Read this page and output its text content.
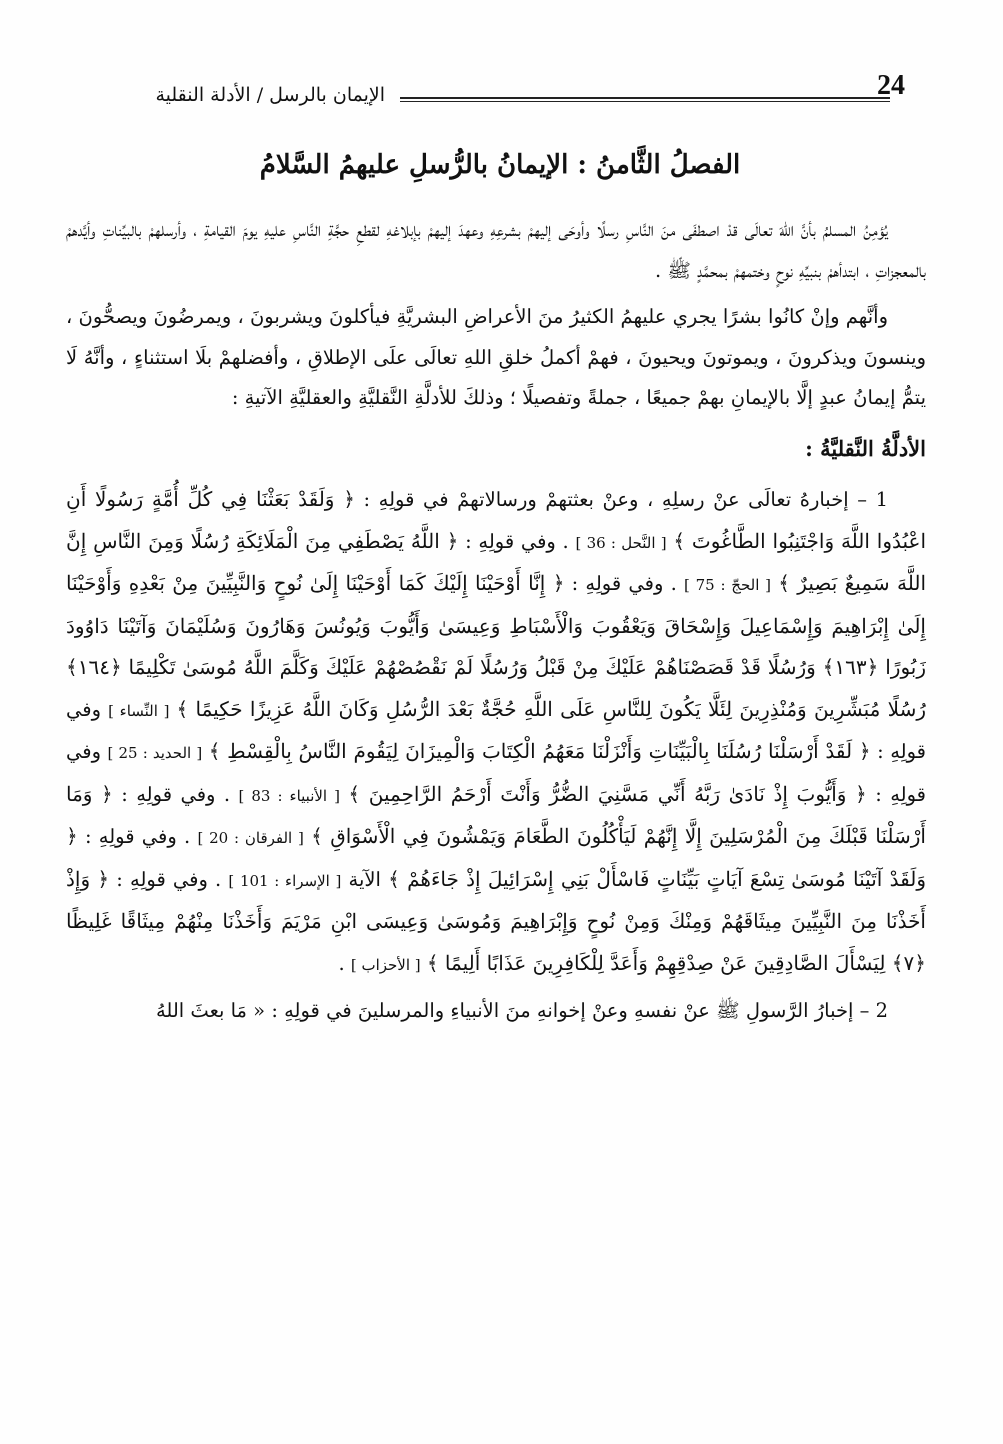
الإيمان بالرسل / الأدلة النقلية	24
الفصلُ الثَّامنُ : الإيمانُ بالرُّسلِ عليهمُ السَّلامُ

يُؤمِنُ المسلمُ بأنَّ اللهَ تعالَى قدْ اصطفَى منَ النَّاسِ رسلًا وأوحَى إليهمْ بشرعِهِ وعهدَ إليهمْ بإبلاغهِ لقطعِ حجَّةِ النَّاسِ عليهِ يومَ القيامةِ ، وأرسلهمْ بالبيِّناتِ وأيَّدهمْ بالمعجزاتِ ، ابتدأهمْ بنبيِّهِ نوحٍ وختمهمْ بمحمَّدٍ ﷺ .

وأنَّهم وإنْ كانُوا بشرًا يجري عليهمُ الكثيرُ منَ الأعراضِ البشريَّةِ فيأكلونَ ويشربونَ ، ويمرضُونَ ويصحُّونَ ، وينسونَ ويذكرونَ ، ويموتونَ ويحيونَ ، فهمْ أكملُ خلقِ اللهِ تعالَى علَى الإطلاقِ ، وأفضلهمْ بلَا استثناءٍ ، وأنَّهُ لَا يتمُّ إيمانُ عبدٍ إلَّا بالإيمانِ بهمْ جميعًا ، جملةً وتفصيلًا ؛ وذلكَ للأدلَّةِ النَّقليَّةِ والعقليَّةِ الآتيةِ :

الأدلَّةُ النَّقليَّةُ :

1 – إخبارهُ تعالَى عنْ رسلِهِ ، وعنْ بعثتهمْ ورسالاتهمْ في قولِهِ : ﴿ وَلَقَدْ بَعَثْنَا فِي كُلِّ أُمَّةٍ رَسُولًا أَنِ اعْبُدُوا اللَّهَ وَاجْتَنِبُوا الطَّاغُوتَ ﴾ [ النَّحل : 36 ] . وفي قولِهِ : ﴿ اللَّهُ يَصْطَفِي مِنَ الْمَلَائِكَةِ رُسُلًا وَمِنَ النَّاسِ إِنَّ اللَّهَ سَمِيعٌ بَصِيرٌ ﴾ [ الحجّ : 75 ] . وفي قولِهِ : ﴿ إِنَّا أَوْحَيْنَا إِلَيْكَ كَمَا أَوْحَيْنَا إِلَىٰ نُوحٍ وَالنَّبِيِّينَ مِنْ بَعْدِهِ وَأَوْحَيْنَا إِلَىٰ إِبْرَاهِيمَ وَإِسْمَاعِيلَ وَإِسْحَاقَ وَيَعْقُوبَ وَالْأَسْبَاطِ وَعِيسَىٰ وَأَيُّوبَ وَيُونُسَ وَهَارُونَ وَسُلَيْمَانَ وَآتَيْنَا دَاوُودَ زَبُورًا ﴿١٦٣﴾ وَرُسُلًا قَدْ قَصَصْنَاهُمْ عَلَيْكَ مِنْ قَبْلُ وَرُسُلًا لَمْ نَقْصُصْهُمْ عَلَيْكَ وَكَلَّمَ اللَّهُ مُوسَىٰ تَكْلِيمًا ﴿١٦٤﴾ رُسُلًا مُبَشِّرِينَ وَمُنْذِرِينَ لِئَلَّا يَكُونَ لِلنَّاسِ عَلَى اللَّهِ حُجَّةٌ بَعْدَ الرُّسُلِ وَكَانَ اللَّهُ عَزِيزًا حَكِيمًا ﴾ [ النِّساء ] وفي قولِهِ : ﴿ لَقَدْ أَرْسَلْنَا رُسُلَنَا بِالْبَيِّنَاتِ وَأَنْزَلْنَا مَعَهُمُ الْكِتَابَ وَالْمِيزَانَ لِيَقُومَ النَّاسُ بِالْقِسْطِ ﴾ [ الحديد : 25 ] وفي قولِهِ : ﴿ وَأَيُّوبَ إِذْ نَادَىٰ رَبَّهُ أَنِّي مَسَّنِيَ الضُّرُّ وَأَنْتَ أَرْحَمُ الرَّاحِمِينَ ﴾ [ الأنبياء : 83 ] . وفي قولِهِ : ﴿ وَمَا أَرْسَلْنَا قَبْلَكَ مِنَ الْمُرْسَلِينَ إِلَّا إِنَّهُمْ لَيَأْكُلُونَ الطَّعَامَ وَيَمْشُونَ فِي الْأَسْوَاقِ ﴾ [ الفرقان : 20 ] . وفي قولِهِ : ﴿ وَلَقَدْ آتَيْنَا مُوسَىٰ تِسْعَ آيَاتٍ بَيِّنَاتٍ فَاسْأَلْ بَنِي إِسْرَائِيلَ إِذْ جَاءَهُمْ ﴾ الآية [ الإسراء : 101 ] . وفي قولِهِ : ﴿ وَإِذْ أَخَذْنَا مِنَ النَّبِيِّينَ مِيثَاقَهُمْ وَمِنْكَ وَمِنْ نُوحٍ وَإِبْرَاهِيمَ وَمُوسَىٰ وَعِيسَى ابْنِ مَرْيَمَ وَأَخَذْنَا مِنْهُمْ مِيثَاقًا غَلِيظًا ﴿٧﴾ لِيَسْأَلَ الصَّادِقِينَ عَنْ صِدْقِهِمْ وَأَعَدَّ لِلْكَافِرِينَ عَذَابًا أَلِيمًا ﴾ [ الأحزاب ] .

2 – إخبارُ الرَّسولِ ﷺ عنْ نفسهِ وعنْ إخوانهِ منَ الأنبياءِ والمرسلينَ في قولِهِ : « مَا بعثَ اللهُ
